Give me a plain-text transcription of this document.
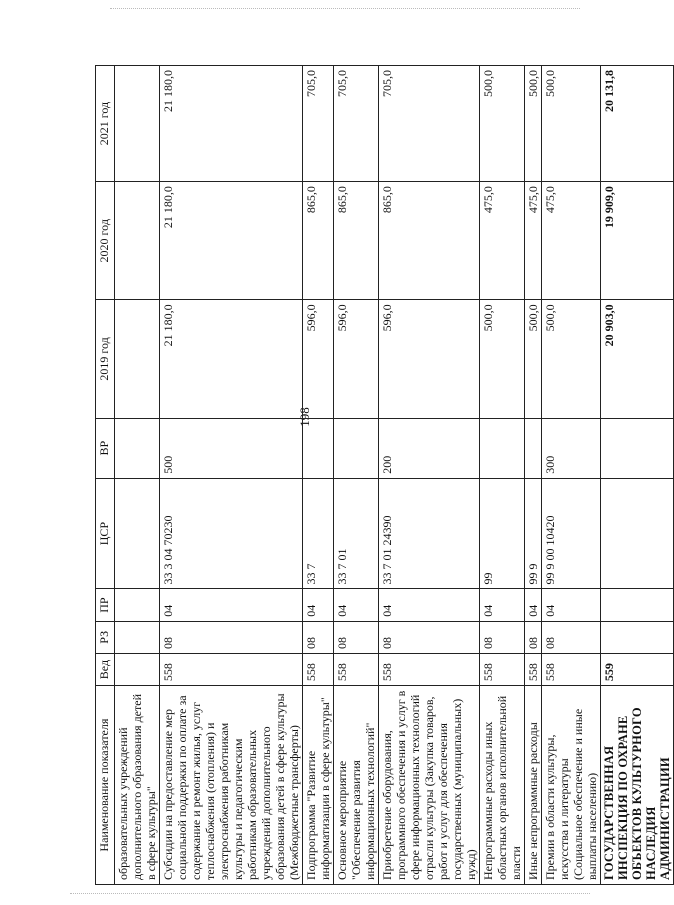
198
Наименование показателя	Вед	РЗ	ПР	ЦСР	ВР	2019 год	2020 год	2021 год
образовательных учреждений дополнительного образования детей в сфере культуры"								
Субсидии на предоставление мер социальной поддержки по оплате за содержание и ремонт жилья, услуг теплоснабжения (отопления) и электроснабжения работникам культуры и педагогическим работникам образовательных учреждений дополнительного образования детей в сфере культуры (Межбюджетные трансферты)	558	08	04	33 3 04 70230	500	21 180,0	21 180,0	21 180,0
Подпрограмма "Развитие информатизации в сфере культуры"	558	08	04	33 7		596,0	865,0	705,0
Основное мероприятие "Обеспечение развития информационных технологий"	558	08	04	33 7 01		596,0	865,0	705,0
Приобретение оборудования, программного обеспечения и услуг в сфере информационных технологий отрасли культуры (Закупка товаров, работ и услуг для обеспечения государственных (муниципальных) нужд)	558	08	04	33 7 01 24390	200	596,0	865,0	705,0
Непрограммные расходы иных областных органов исполнительной власти	558	08	04	99		500,0	475,0	500,0
Иные непрограммные расходы	558	08	04	99 9		500,0	475,0	500,0
Премии в области культуры, искусства и литературы (Социальное обеспечение и иные выплаты населению)	558	08	04	99 9 00 10420	300	500,0	475,0	500,0
ГОСУДАРСТВЕННАЯ ИНСПЕКЦИЯ ПО ОХРАНЕ ОБЪЕКТОВ КУЛЬТУРНОГО НАСЛЕДИЯ АДМИНИСТРАЦИИ	559					20 903,0	19 909,0	20 131,8
